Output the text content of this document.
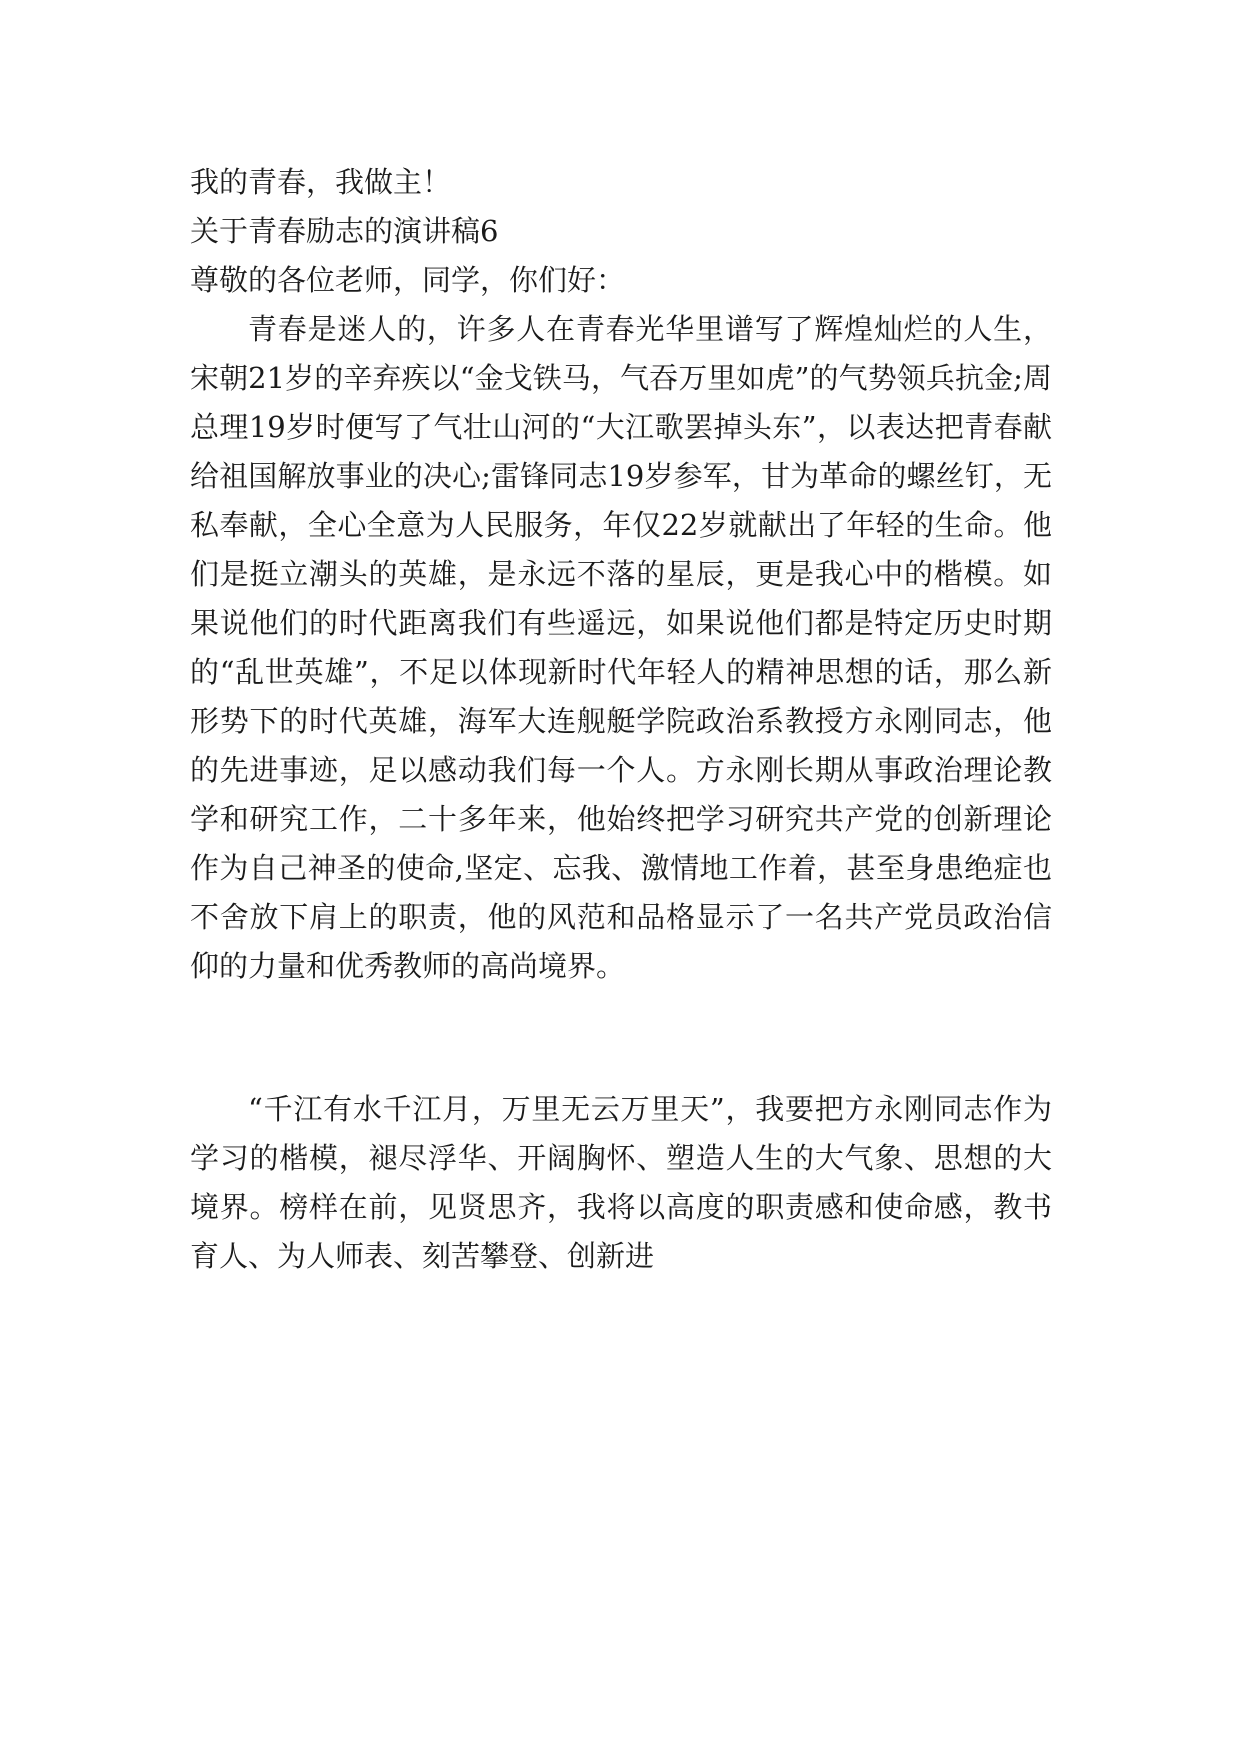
我的青春，我做主！
关于青春励志的演讲稿6
尊敬的各位老师，同学，你们好：

青春是迷人的，许多人在青春光华里谱写了辉煌灿烂的人生，宋朝21岁的辛弃疾以“金戈铁马，气吞万里如虎”的气势领兵抗金;周总理19岁时便写了气壮山河的“大江歌罢掉头东”，以表达把青春献给祖国解放事业的决心;雷锋同志19岁参军，甘为革命的螺丝钉，无私奉献，全心全意为人民服务，年仅22岁就献出了年轻的生命。他们是挺立潮头的英雄，是永远不落的星辰，更是我心中的楷模。如果说他们的时代距离我们有些遥远，如果说他们都是特定历史时期的“乱世英雄”，不足以体现新时代年轻人的精神思想的话，那么新形势下的时代英雄，海军大连舰艇学院政治系教授方永刚同志，他的先进事迹，足以感动我们每一个人。方永刚长期从事政治理论教学和研究工作，二十多年来，他始终把学习研究共产党的创新理论作为自己神圣的使命,坚定、忘我、激情地工作着，甚至身患绝症也不舍放下肩上的职责，他的风范和品格显示了一名共产党员政治信仰的力量和优秀教师的高尚境界。

“千江有水千江月，万里无云万里天”，我要把方永刚同志作为学习的楷模，褪尽浮华、开阔胸怀、塑造人生的大气象、思想的大境界。榜样在前，见贤思齐，我将以高度的职责感和使命感，教书育人、为人师表、刻苦攀登、创新进
